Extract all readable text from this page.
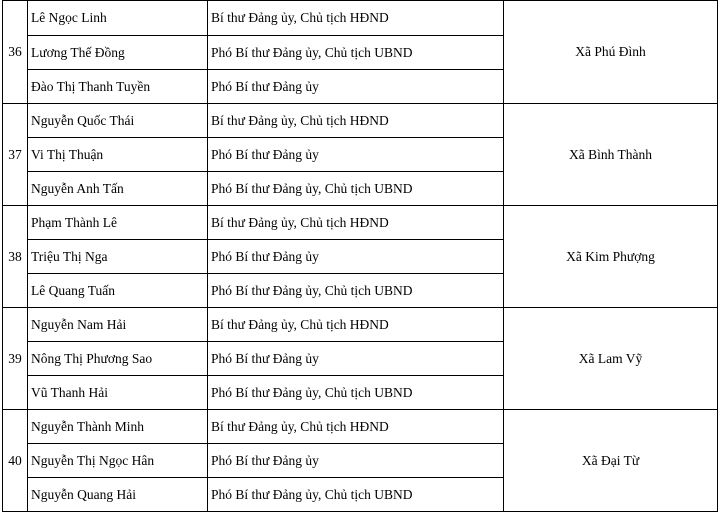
36	Lê Ngọc Linh	Bí thư Đảng ủy, Chủ tịch HĐND	Xã Phú Đình
	Lương Thế Đồng	Phó Bí thư Đảng ủy, Chủ tịch UBND	
	Đào Thị Thanh Tuyền	Phó Bí thư Đảng ủy	
37	Nguyễn Quốc Thái	Bí thư Đảng ủy, Chủ tịch HĐND	Xã Bình Thành
	Vi Thị Thuận	Phó Bí thư Đảng ủy	
	Nguyễn Anh Tấn	Phó Bí thư Đảng ủy, Chủ tịch UBND	
38	Phạm Thành Lê	Bí thư Đảng ủy, Chủ tịch HĐND	Xã Kim Phượng
	Triệu Thị Nga	Phó Bí thư Đảng ủy	
	Lê Quang Tuấn	Phó Bí thư Đảng ủy, Chủ tịch UBND	
39	Nguyễn Nam Hải	Bí thư Đảng ủy, Chủ tịch HĐND	Xã Lam Vỹ
	Nông Thị Phương Sao	Phó Bí thư Đảng ủy	
	Vũ Thanh Hải	Phó Bí thư Đảng ủy, Chủ tịch UBND	
40	Nguyễn Thành Minh	Bí thư Đảng ủy, Chủ tịch HĐND	Xã Đại Từ
	Nguyễn Thị Ngọc Hân	Phó Bí thư Đảng ủy	
	Nguyễn Quang Hải	Phó Bí thư Đảng ủy, Chủ tịch UBND	
